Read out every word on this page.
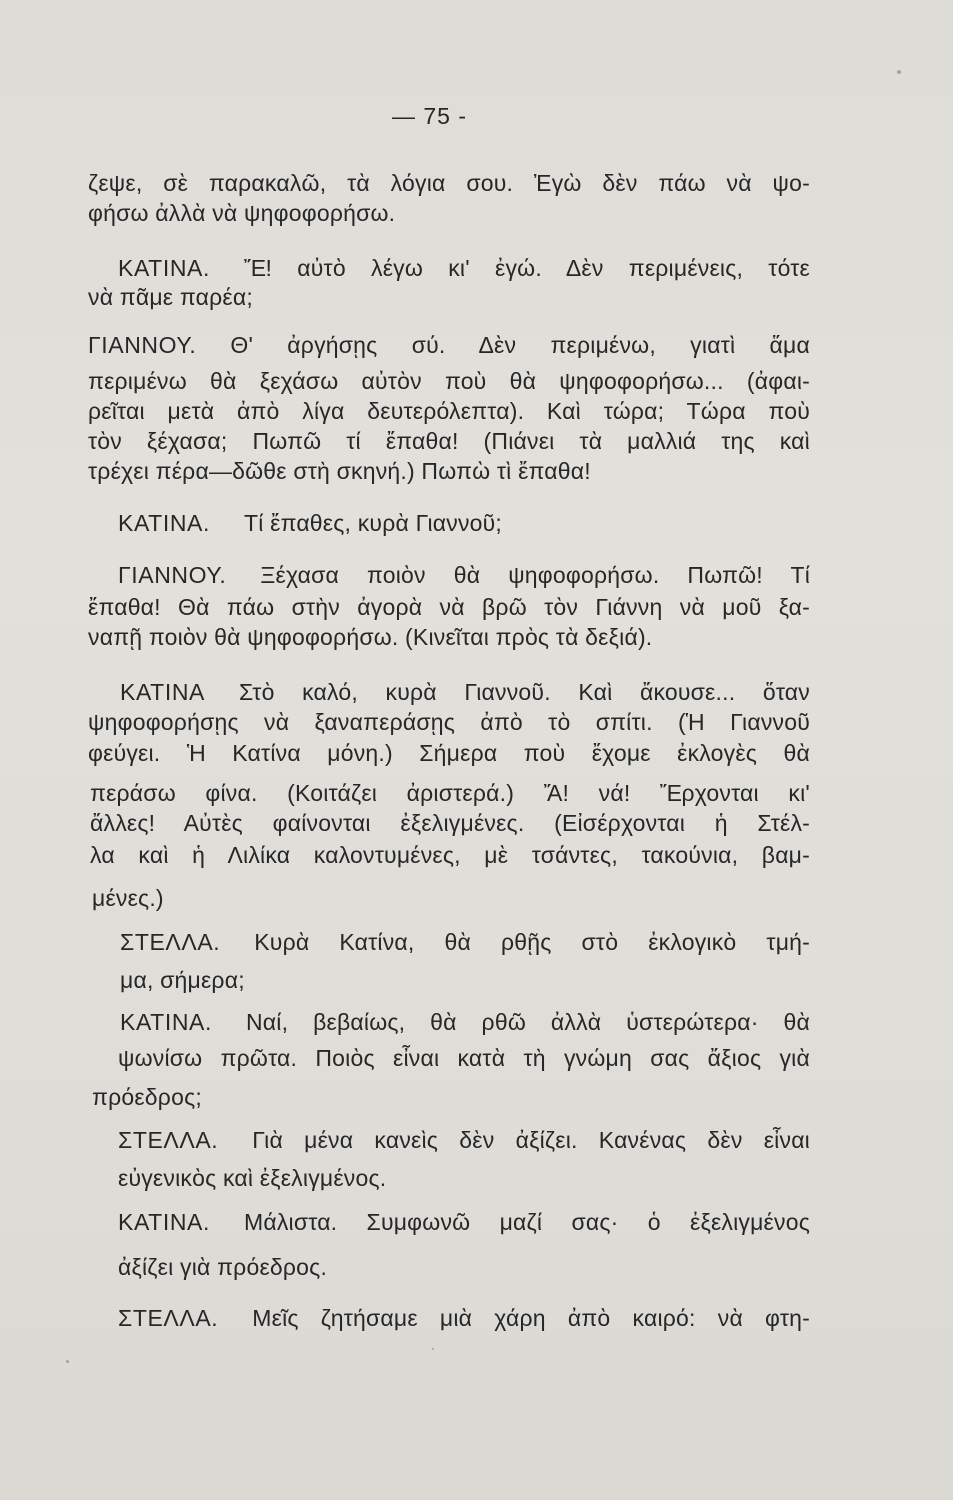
— 75 -
ζεψε, σὲ παρακαλῶ, τὰ λόγια σου. Ἐγὼ δὲν πάω νὰ ψο-
φήσω ἀλλὰ νὰ ψηφοφορήσω.
ΚΑΤΙΝΑ. Ἔ! αὐτὸ λέγω κι' ἐγώ. Δὲν περιμένεις, τότε
νὰ πᾶμε παρέα;
ΓΙΑΝΝΟΥ. Θ' ἀργήσῃς σύ. Δὲν περιμένω, γιατὶ ἅμα
περιμένω θὰ ξεχάσω αὐτὸν ποὺ θὰ ψηφοφορήσω... (ἀφαι-
ρεῖται μετὰ ἀπὸ λίγα δευτερόλεπτα). Καὶ τώρα; Τώρα ποὺ
τὸν ξέχασα; Πωπῶ τί ἔπαθα! (Πιάνει τὰ μαλλιά της καὶ
τρέχει πέρα—δῶθε στὴ σκηνή.) Πωπὼ τὶ ἔπαθα!
ΚΑΤΙΝΑ. Τί ἔπαθες, κυρὰ Γιαννοῦ;
ΓΙΑΝΝΟΥ. Ξέχασα ποιὸν θὰ ψηφοφορήσω. Πωπῶ! Τί
ἔπαθα! Θὰ πάω στὴν ἀγορὰ νὰ βρῶ τὸν Γιάννη νὰ μοῦ ξα-
ναπῇ ποιὸν θὰ ψηφοφορήσω. (Κινεῖται πρὸς τὰ δεξιά).
ΚΑΤΙΝΑ Στὸ καλό, κυρὰ Γιαννοῦ. Καὶ ἄκουσε... ὅταν
ψηφοφορήσῃς νὰ ξαναπεράσῃς ἀπὸ τὸ σπίτι. (Ἡ Γιαννοῦ
φεύγει. Ἡ Κατίνα μόνη.) Σήμερα ποὺ ἔχομε ἐκλογὲς θὰ
περάσω φίνα. (Κοιτάζει ἀριστερά.) Ἄ! νά! Ἔρχονται κι'
ἄλλες! Αὐτὲς φαίνονται ἐξελιγμένες. (Εἰσέρχονται ἡ Στέλ-
λα καὶ ἡ Λιλίκα καλοντυμένες, μὲ τσάντες, τακούνια, βαμ-
μένες.)
ΣΤΕΛΛΑ. Κυρὰ Κατίνα, θὰ ρθῇς στὸ ἐκλογικὸ τμή-
μα, σήμερα;
ΚΑΤΙΝΑ. Ναί, βεβαίως, θὰ ρθῶ ἀλλὰ ὑστερώτερα· θὰ
ψωνίσω πρῶτα. Ποιὸς εἶναι κατὰ τὴ γνώμη σας ἄξιος γιὰ
πρόεδρος;
ΣΤΕΛΛΑ. Γιὰ μένα κανεὶς δὲν ἀξίζει. Κανένας δὲν εἶναι
εὐγενικὸς καὶ ἐξελιγμένος.
ΚΑΤΙΝΑ. Μάλιστα. Συμφωνῶ μαζί σας· ὁ ἐξελιγμένος
ἀξίζει γιὰ πρόεδρος.
ΣΤΕΛΛΑ. Μεῖς ζητήσαμε μιὰ χάρη ἀπὸ καιρό: νὰ φτη-
